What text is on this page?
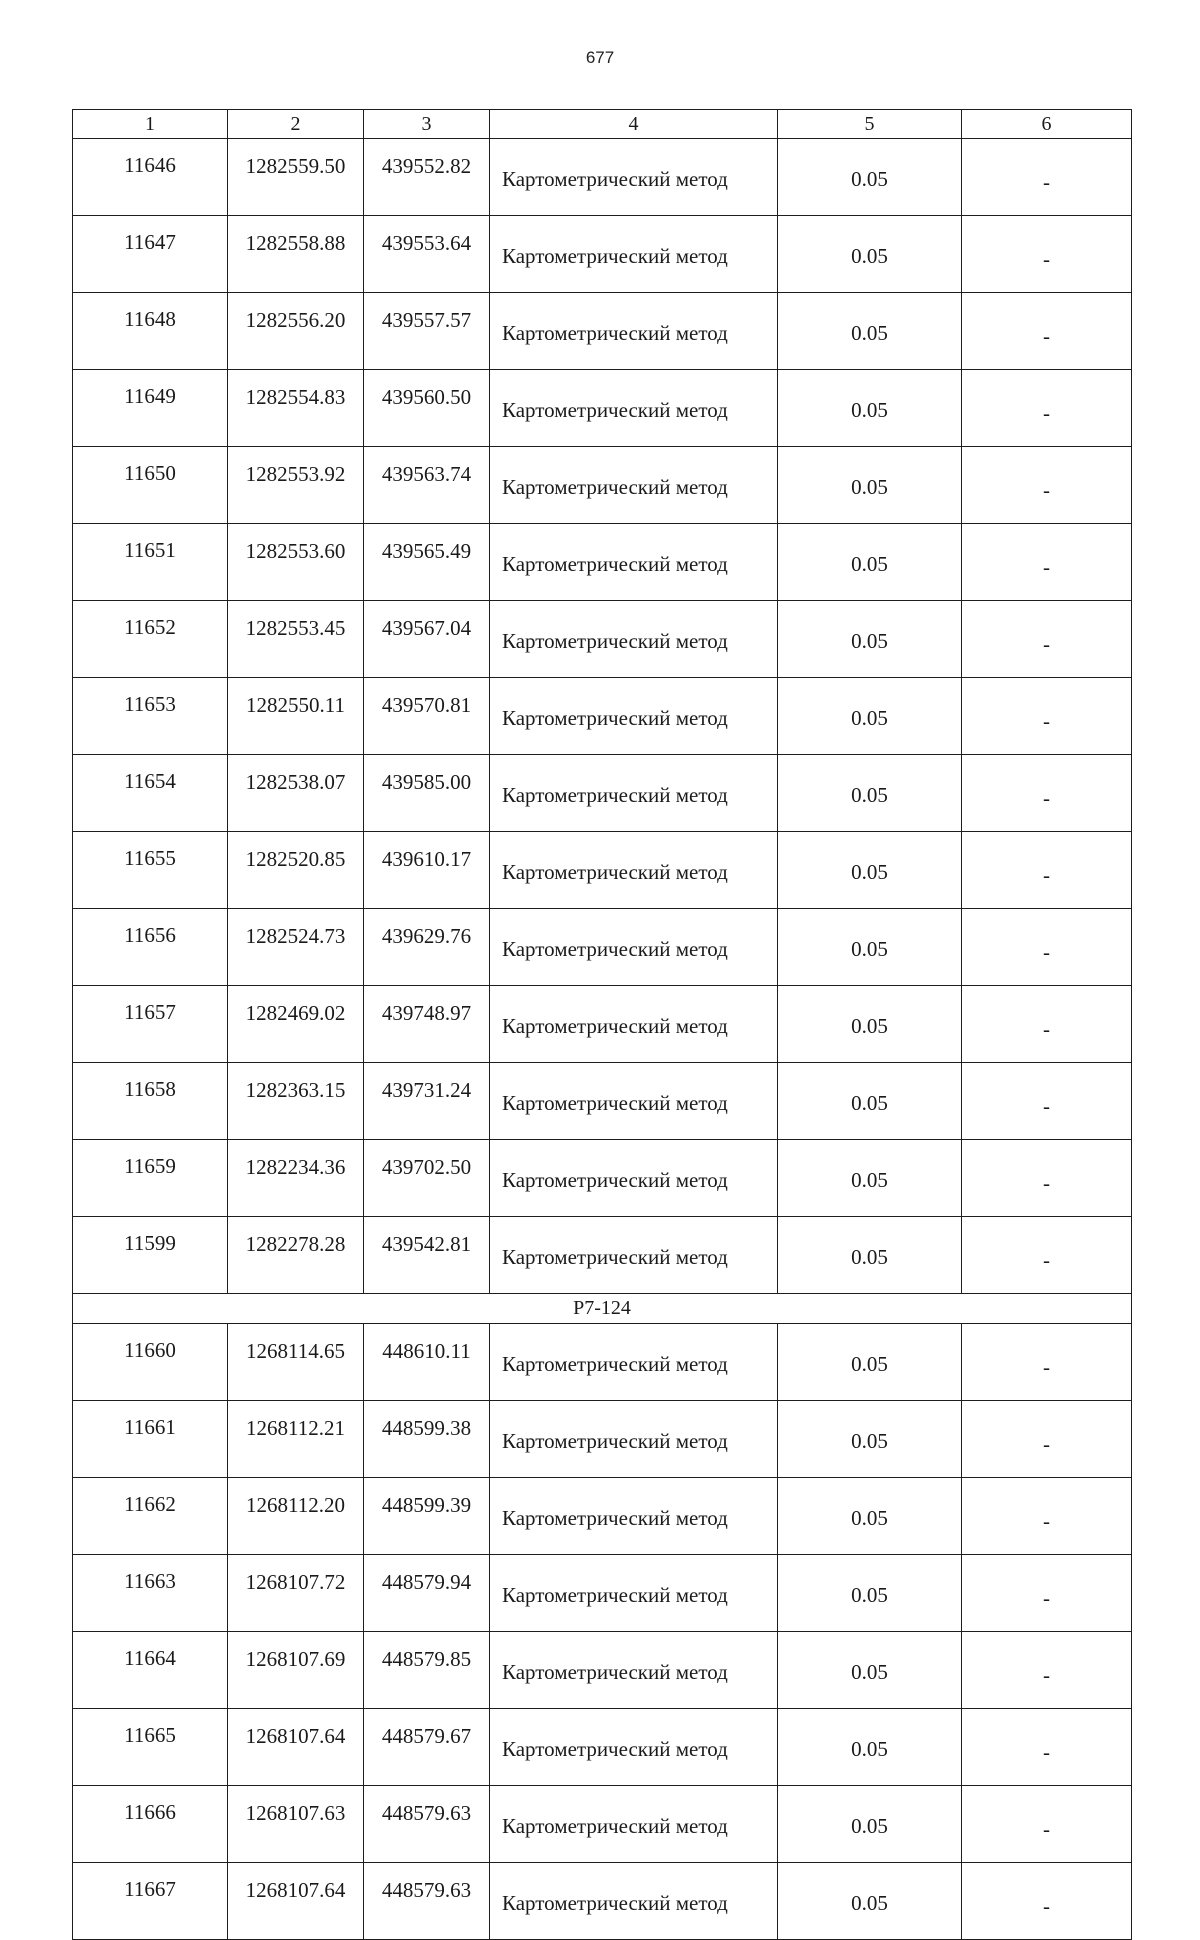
677
1	2	3	4	5	6
11646	1282559.50	439552.82	Картометрический метод	0.05	-
11647	1282558.88	439553.64	Картометрический метод	0.05	-
11648	1282556.20	439557.57	Картометрический метод	0.05	-
11649	1282554.83	439560.50	Картометрический метод	0.05	-
11650	1282553.92	439563.74	Картометрический метод	0.05	-
11651	1282553.60	439565.49	Картометрический метод	0.05	-
11652	1282553.45	439567.04	Картометрический метод	0.05	-
11653	1282550.11	439570.81	Картометрический метод	0.05	-
11654	1282538.07	439585.00	Картометрический метод	0.05	-
11655	1282520.85	439610.17	Картометрический метод	0.05	-
11656	1282524.73	439629.76	Картометрический метод	0.05	-
11657	1282469.02	439748.97	Картометрический метод	0.05	-
11658	1282363.15	439731.24	Картометрический метод	0.05	-
11659	1282234.36	439702.50	Картометрический метод	0.05	-
11599	1282278.28	439542.81	Картометрический метод	0.05	-
Р7-124					
11660	1268114.65	448610.11	Картометрический метод	0.05	-
11661	1268112.21	448599.38	Картометрический метод	0.05	-
11662	1268112.20	448599.39	Картометрический метод	0.05	-
11663	1268107.72	448579.94	Картометрический метод	0.05	-
11664	1268107.69	448579.85	Картометрический метод	0.05	-
11665	1268107.64	448579.67	Картометрический метод	0.05	-
11666	1268107.63	448579.63	Картометрический метод	0.05	-
11667	1268107.64	448579.63	Картометрический метод	0.05	-
